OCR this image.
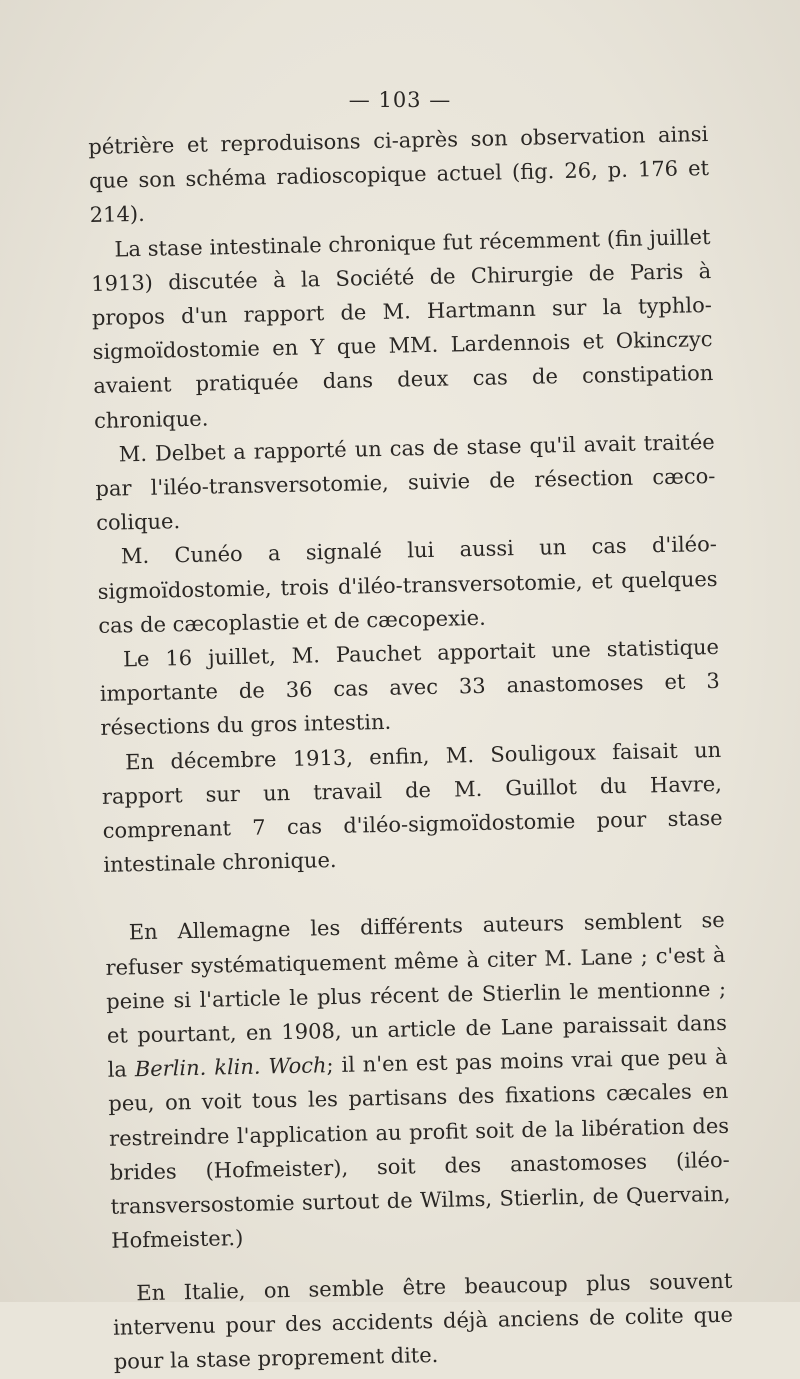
— 103 —

pétrière et reproduisons ci-après son observation ainsi que son schéma radioscopique actuel (fig. 26, p. 176 et 214).

La stase intestinale chronique fut récemment (fin juillet 1913) discutée à la Société de Chirurgie de Paris à propos d'un rapport de M. Hartmann sur la typhlo-sigmoïdostomie en Y que MM. Lardennois et Okinczyc avaient pratiquée dans deux cas de constipation chronique.

M. Delbet a rapporté un cas de stase qu'il avait traitée par l'iléo-transversotomie, suivie de résection cæco-colique.

M. Cunéo a signalé lui aussi un cas d'iléo-sigmoïdostomie, trois d'iléo-transversotomie, et quelques cas de cæcoplastie et de cæcopexie.

Le 16 juillet, M. Pauchet apportait une statistique importante de 36 cas avec 33 anastomoses et 3 résections du gros intestin.

En décembre 1913, enfin, M. Souligoux faisait un rapport sur un travail de M. Guillot du Havre, comprenant 7 cas d'iléo-sigmoïdostomie pour stase intestinale chronique.

En Allemagne les différents auteurs semblent se refuser systématiquement même à citer M. Lane ; c'est à peine si l'article le plus récent de Stierlin le mentionne ; et pourtant, en 1908, un article de Lane paraissait dans la Berlin. klin. Woch; il n'en est pas moins vrai que peu à peu, on voit tous les partisans des fixations cæcales en restreindre l'application au profit soit de la libération des brides (Hofmeister), soit des anastomoses (iléo-transversostomie surtout de Wilms, Stierlin, de Quervain, Hofmeister.)

En Italie, on semble être beaucoup plus souvent intervenu pour des accidents déjà anciens de colite que pour la stase proprement dite.
